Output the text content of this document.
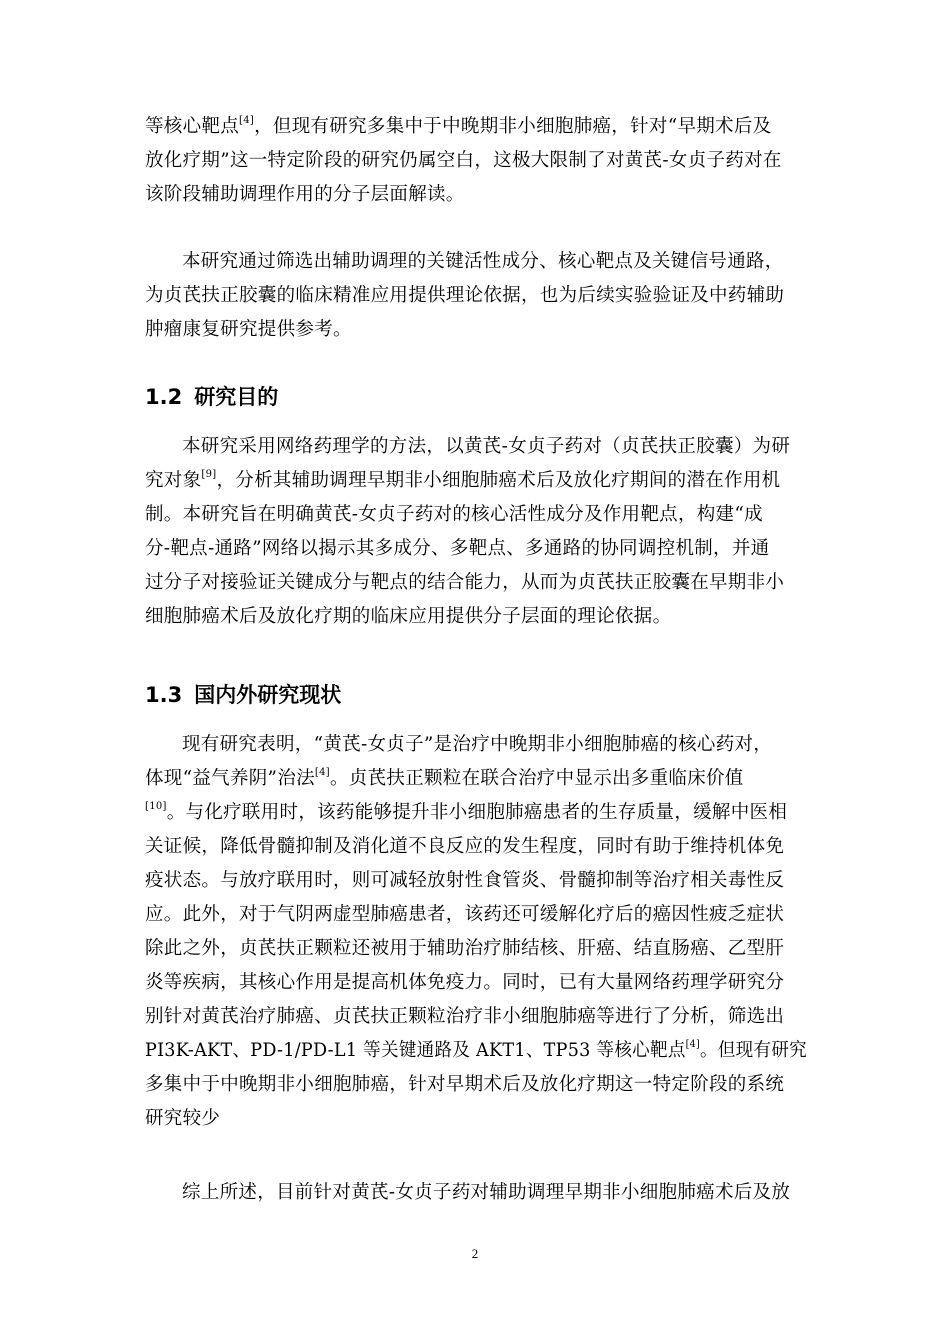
等核心靶点[4]，但现有研究多集中于中晚期非小细胞肺癌，针对“早期术后及
放化疗期”这一特定阶段的研究仍属空白，这极大限制了对黄芪-女贞子药对在
该阶段辅助调理作用的分子层面解读。
本研究通过筛选出辅助调理的关键活性成分、核心靶点及关键信号通路，
为贞芪扶正胶囊的临床精准应用提供理论依据，也为后续实验验证及中药辅助
肿瘤康复研究提供参考。
1.2 研究目的
本研究采用网络药理学的方法，以黄芪-女贞子药对（贞芪扶正胶囊）为研
究对象[9]，分析其辅助调理早期非小细胞肺癌术后及放化疗期间的潜在作用机
制。本研究旨在明确黄芪-女贞子药对的核心活性成分及作用靶点，构建“成
分-靶点-通路”网络以揭示其多成分、多靶点、多通路的协同调控机制，并通
过分子对接验证关键成分与靶点的结合能力，从而为贞芪扶正胶囊在早期非小
细胞肺癌术后及放化疗期的临床应用提供分子层面的理论依据。
1.3 国内外研究现状
现有研究表明，“黄芪-女贞子”是治疗中晚期非小细胞肺癌的核心药对，
体现“益气养阴”治法[4]。贞芪扶正颗粒在联合治疗中显示出多重临床价值
[10]。与化疗联用时，该药能够提升非小细胞肺癌患者的生存质量，缓解中医相
关证候，降低骨髓抑制及消化道不良反应的发生程度，同时有助于维持机体免
疫状态。与放疗联用时，则可减轻放射性食管炎、骨髓抑制等治疗相关毒性反
应。此外，对于气阴两虚型肺癌患者，该药还可缓解化疗后的癌因性疲乏症状
除此之外，贞芪扶正颗粒还被用于辅助治疗肺结核、肝癌、结直肠癌、乙型肝
炎等疾病，其核心作用是提高机体免疫力。同时，已有大量网络药理学研究分
别针对黄芪治疗肺癌、贞芪扶正颗粒治疗非小细胞肺癌等进行了分析，筛选出
PI3K-AKT、PD-1/PD-L1 等关键通路及 AKT1、TP53 等核心靶点[4]。但现有研究
多集中于中晚期非小细胞肺癌，针对早期术后及放化疗期这一特定阶段的系统
研究较少
综上所述，目前针对黄芪-女贞子药对辅助调理早期非小细胞肺癌术后及放
2
